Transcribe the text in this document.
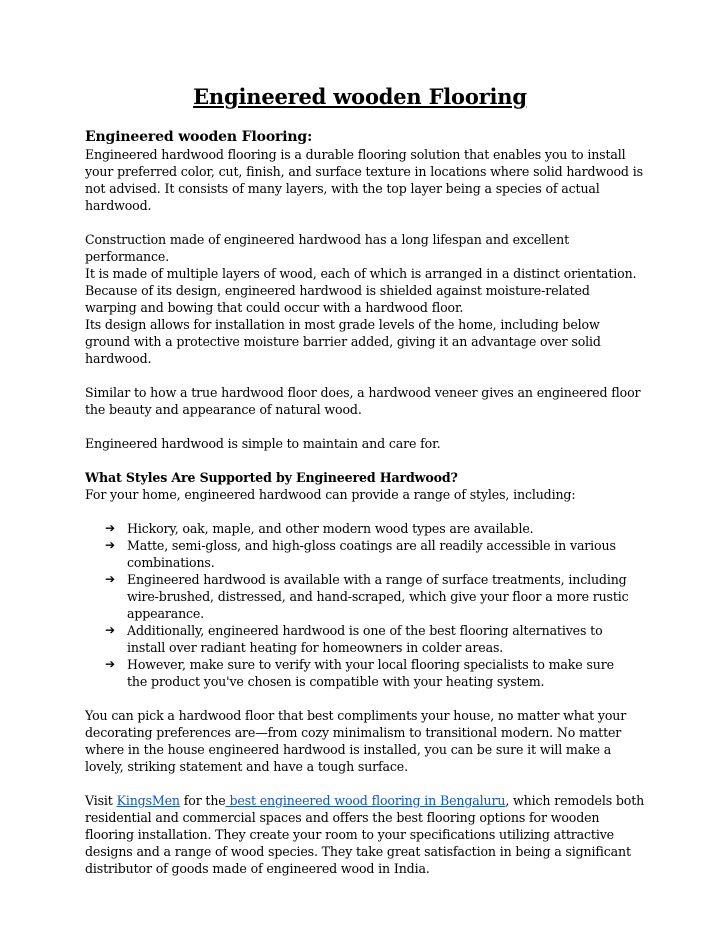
Engineered wooden Flooring

Engineered wooden Flooring:

Engineered hardwood flooring is a durable flooring solution that enables you to install your preferred color, cut, finish, and surface texture in locations where solid hardwood is not advised. It consists of many layers, with the top layer being a species of actual hardwood.

Construction made of engineered hardwood has a long lifespan and excellent performance.

It is made of multiple layers of wood, each of which is arranged in a distinct orientation. Because of its design, engineered hardwood is shielded against moisture-related warping and bowing that could occur with a hardwood floor.

Its design allows for installation in most grade levels of the home, including below ground with a protective moisture barrier added, giving it an advantage over solid hardwood.

Similar to how a true hardwood floor does, a hardwood veneer gives an engineered floor the beauty and appearance of natural wood.

Engineered hardwood is simple to maintain and care for.

What Styles Are Supported by Engineered Hardwood?

For your home, engineered hardwood can provide a range of styles, including:

➔ Hickory, oak, maple, and other modern wood types are available.
➔ Matte, semi-gloss, and high-gloss coatings are all readily accessible in various combinations.
➔ Engineered hardwood is available with a range of surface treatments, including wire-brushed, distressed, and hand-scraped, which give your floor a more rustic appearance.
➔ Additionally, engineered hardwood is one of the best flooring alternatives to install over radiant heating for homeowners in colder areas.
➔ However, make sure to verify with your local flooring specialists to make sure the product you've chosen is compatible with your heating system.

You can pick a hardwood floor that best compliments your house, no matter what your decorating preferences are—from cozy minimalism to transitional modern. No matter where in the house engineered hardwood is installed, you can be sure it will make a lovely, striking statement and have a tough surface.

Visit KingsMen for the best engineered wood flooring in Bengaluru, which remodels both residential and commercial spaces and offers the best flooring options for wooden flooring installation. They create your room to your specifications utilizing attractive designs and a range of wood species. They take great satisfaction in being a significant distributor of goods made of engineered wood in India.
